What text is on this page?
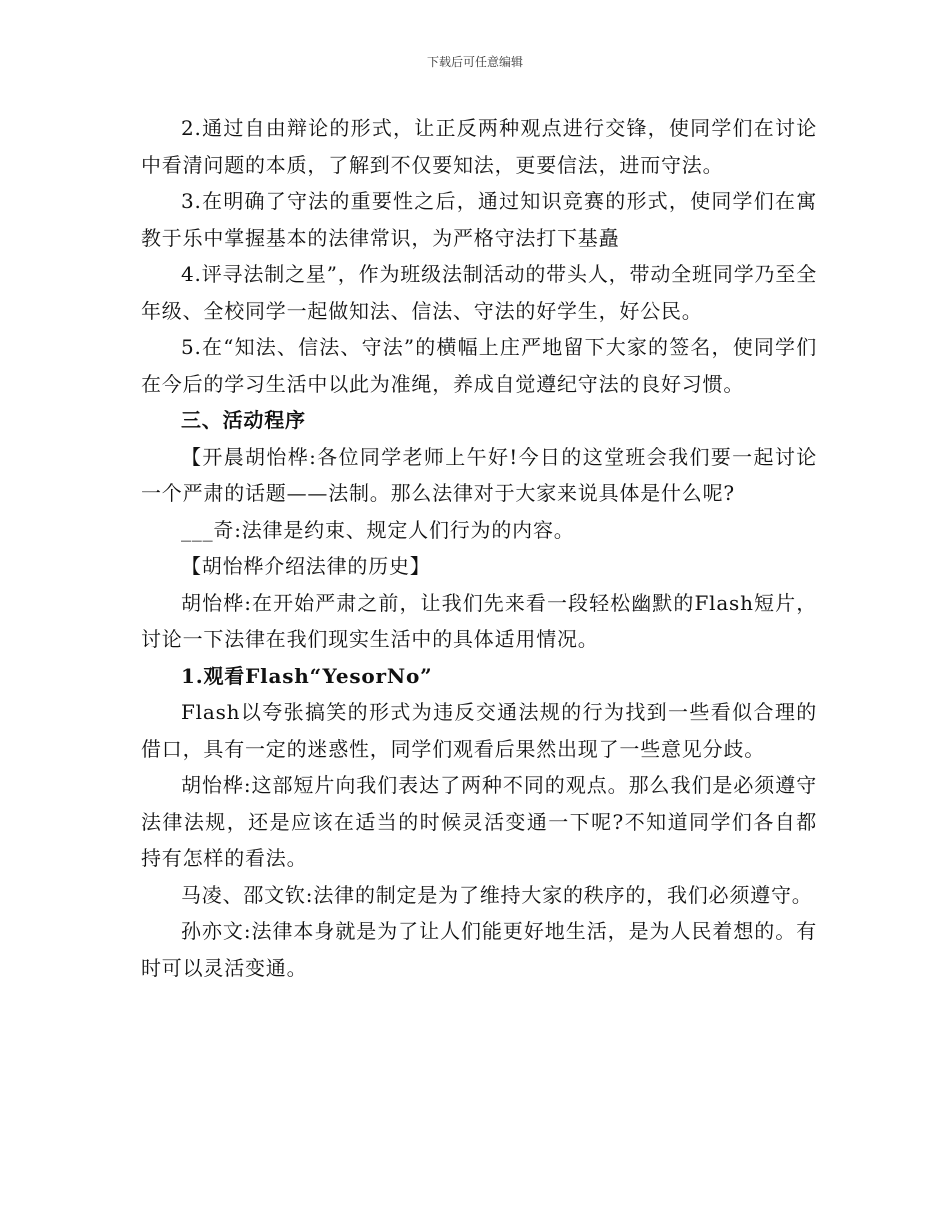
下载后可任意编辑

2.通过自由辩论的形式，让正反两种观点进行交锋，使同学们在讨论中看清问题的本质，了解到不仅要知法，更要信法，进而守法。

3.在明确了守法的重要性之后，通过知识竞赛的形式，使同学们在寓教于乐中掌握基本的法律常识，为严格守法打下基矗

4.评寻法制之星”，作为班级法制活动的带头人，带动全班同学乃至全年级、全校同学一起做知法、信法、守法的好学生，好公民。

5.在“知法、信法、守法”的横幅上庄严地留下大家的签名，使同学们在今后的学习生活中以此为准绳，养成自觉遵纪守法的良好习惯。

三、活动程序

【开晨胡怡桦:各位同学老师上午好!今日的这堂班会我们要一起讨论一个严肃的话题——法制。那么法律对于大家来说具体是什么呢?

___奇:法律是约束、规定人们行为的内容。

【胡怡桦介绍法律的历史】

胡怡桦:在开始严肃之前，让我们先来看一段轻松幽默的Flash短片，讨论一下法律在我们现实生活中的具体适用情况。

1.观看Flash“YesorNo”

Flash以夸张搞笑的形式为违反交通法规的行为找到一些看似合理的借口，具有一定的迷惑性，同学们观看后果然出现了一些意见分歧。

胡怡桦:这部短片向我们表达了两种不同的观点。那么我们是必须遵守法律法规，还是应该在适当的时候灵活变通一下呢?不知道同学们各自都持有怎样的看法。

马凌、邵文钦:法律的制定是为了维持大家的秩序的，我们必须遵守。

孙亦文:法律本身就是为了让人们能更好地生活，是为人民着想的。有时可以灵活变通。
